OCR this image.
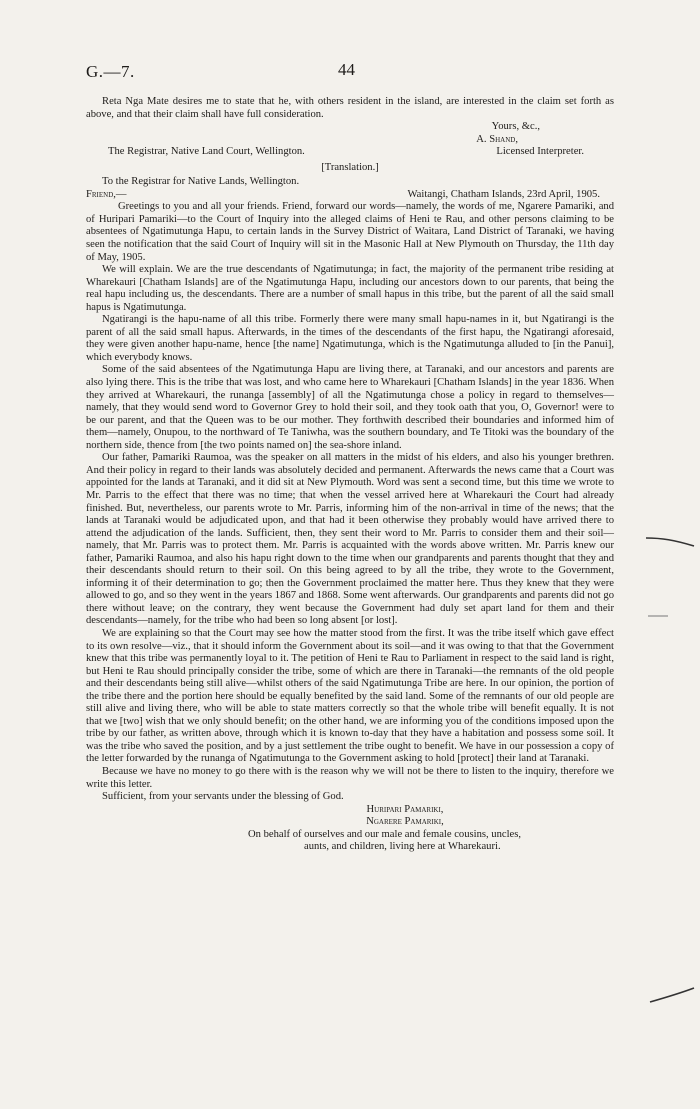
G.—7.	44

Reta Nga Mate desires me to state that he, with others resident in the island, are interested in the claim set forth as above, and that their claim shall have full consideration.

Yours, &c.,
A. Shand,
The Registrar, Native Land Court, Wellington.	Licensed Interpreter.
[Translation.]

To the Registrar for Native Lands, Wellington.

Friend,—	Waitangi, Chatham Islands, 23rd April, 1905.

Greetings to you and all your friends. Friend, forward our words—namely, the words of me, Ngarere Pamariki, and of Huripari Pamariki—to the Court of Inquiry into the alleged claims of Heni te Rau, and other persons claiming to be absentees of Ngatimutunga Hapu, to certain lands in the Survey District of Waitara, Land District of Taranaki, we having seen the notification that the said Court of Inquiry will sit in the Masonic Hall at New Plymouth on Thursday, the 11th day of May, 1905.

We will explain. We are the true descendants of Ngatimutunga; in fact, the majority of the permanent tribe residing at Wharekauri [Chatham Islands] are of the Ngatimutunga Hapu, including our ancestors down to our parents, that being the real hapu including us, the descendants. There are a number of small hapus in this tribe, but the parent of all the said small hapus is Ngatimutunga.

Ngatirangi is the hapu-name of all this tribe. Formerly there were many small hapu-names in it, but Ngatirangi is the parent of all the said small hapus. Afterwards, in the times of the descendants of the first hapu, the Ngatirangi aforesaid, they were given another hapu-name, hence [the name] Ngatimutunga, which is the Ngatimutunga alluded to [in the Panui], which everybody knows.

Some of the said absentees of the Ngatimutunga Hapu are living there, at Taranaki, and our ancestors and parents are also lying there. This is the tribe that was lost, and who came here to Wharekauri [Chatham Islands] in the year 1836. When they arrived at Wharekauri, the runanga [assembly] of all the Ngatimutunga chose a policy in regard to themselves—namely, that they would send word to Governor Grey to hold their soil, and they took oath that you, O, Governor! were to be our parent, and that the Queen was to be our mother. They forthwith described their boundaries and informed him of them—namely, Onupou, to the northward of Te Taniwha, was the southern boundary, and Te Titoki was the boundary of the northern side, thence from [the two points named on] the sea-shore inland.

Our father, Pamariki Raumoa, was the speaker on all matters in the midst of his elders, and also his younger brethren. And their policy in regard to their lands was absolutely decided and permanent. Afterwards the news came that a Court was appointed for the lands at Taranaki, and it did sit at New Plymouth. Word was sent a second time, but this time we wrote to Mr. Parris to the effect that there was no time; that when the vessel arrived here at Wharekauri the Court had already finished. But, nevertheless, our parents wrote to Mr. Parris, informing him of the non-arrival in time of the news; that the lands at Taranaki would be adjudicated upon, and that had it been otherwise they probably would have arrived there to attend the adjudication of the lands. Sufficient, then, they sent their word to Mr. Parris to consider them and their soil—namely, that Mr. Parris was to protect them. Mr. Parris is acquainted with the words above written. Mr. Parris knew our father, Pamariki Raumoa, and also his hapu right down to the time when our grandparents and parents thought that they and their descendants should return to their soil. On this being agreed to by all the tribe, they wrote to the Government, informing it of their determination to go; then the Government proclaimed the matter here. Thus they knew that they were allowed to go, and so they went in the years 1867 and 1868. Some went afterwards. Our grandparents and parents did not go there without leave; on the contrary, they went because the Government had duly set apart land for them and their descendants—namely, for the tribe who had been so long absent [or lost].

We are explaining so that the Court may see how the matter stood from the first. It was the tribe itself which gave effect to its own resolve—viz., that it should inform the Government about its soil—and it was owing to that that the Government knew that this tribe was permanently loyal to it. The petition of Heni te Rau to Parliament in respect to the said land is right, but Heni te Rau should principally consider the tribe, some of which are there in Taranaki—the remnants of the old people and their descendants being still alive—whilst others of the said Ngatimutunga Tribe are here. In our opinion, the portion of the tribe there and the portion here should be equally benefited by the said land. Some of the remnants of our old people are still alive and living there, who will be able to state matters correctly so that the whole tribe will benefit equally. It is not that we [two] wish that we only should benefit; on the other hand, we are informing you of the conditions imposed upon the tribe by our father, as written above, through which it is known to-day that they have a habitation and possess some soil. It was the tribe who saved the position, and by a just settlement the tribe ought to benefit. We have in our possession a copy of the letter forwarded by the runanga of Ngatimutunga to the Government asking to hold [protect] their land at Taranaki.

Because we have no money to go there with is the reason why we will not be there to listen to the inquiry, therefore we write this letter.

Sufficient, from your servants under the blessing of God.

Huripari Pamariki,
Ngarere Pamariki,
On behalf of ourselves and our male and female cousins, uncles,
aunts, and children, living here at Wharekauri.
